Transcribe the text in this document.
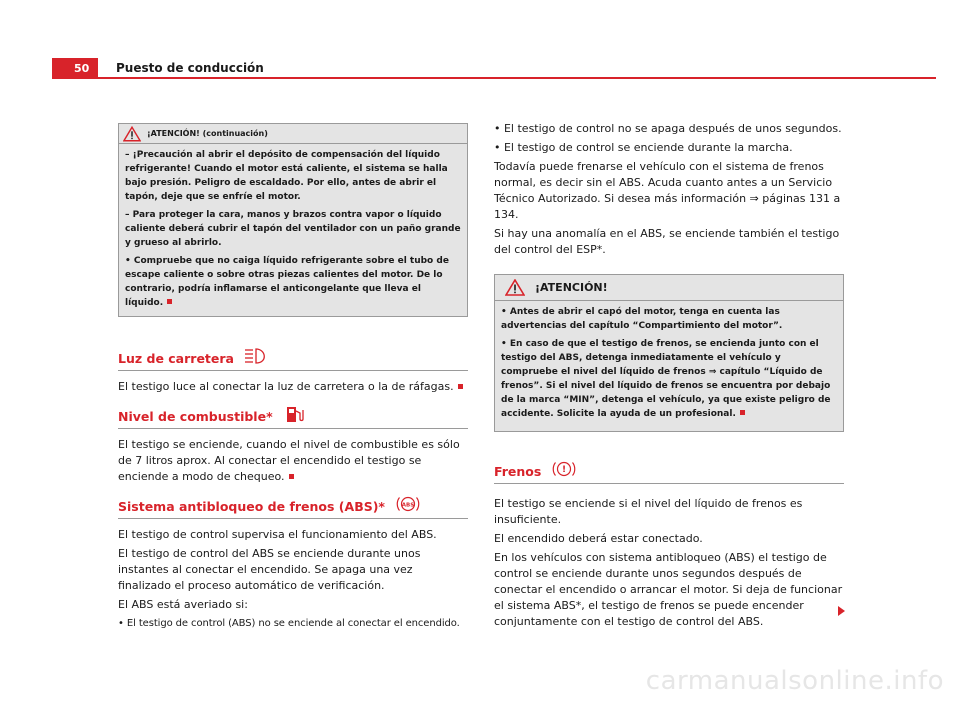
50	Puesto de conducción
¡ATENCIÓN! (continuación)

– ¡Precaución al abrir el depósito de compensación del líquido refrigerante! Cuando el motor está caliente, el sistema se halla bajo presión. Peligro de escaldado. Por ello, antes de abrir el tapón, deje que se enfríe el motor.

– Para proteger la cara, manos y brazos contra vapor o líquido caliente deberá cubrir el tapón del ventilador con un paño grande y grueso al abrirlo.

• Compruebe que no caiga líquido refrigerante sobre el tubo de escape caliente o sobre otras piezas calientes del motor. De lo contrario, podría inflamarse el anticongelante que lleva el líquido.

Luz de carretera

El testigo luce al conectar la luz de carretera o la de ráfagas.

Nivel de combustible*

El testigo se enciende, cuando el nivel de combustible es sólo de 7 litros aprox. Al conectar el encendido el testigo se enciende a modo de chequeo.

Sistema antibloqueo de frenos (ABS)*	ABS

El testigo de control supervisa el funcionamiento del ABS.

El testigo de control del ABS se enciende durante unos instantes al conectar el encendido. Se apaga una vez finalizado el proceso automático de verificación.

El ABS está averiado si:

• El testigo de control (ABS) no se enciende al conectar el encendido.

• El testigo de control no se apaga después de unos segundos.

• El testigo de control se enciende durante la marcha.

Todavía puede frenarse el vehículo con el sistema de frenos normal, es decir sin el ABS. Acuda cuanto antes a un Servicio Técnico Autorizado. Si desea más información ⇒ páginas 131 a 134.

Si hay una anomalía en el ABS, se enciende también el testigo del control del ESP*.

¡ATENCIÓN!

• Antes de abrir el capó del motor, tenga en cuenta las advertencias del capítulo “Compartimiento del motor”.

• En caso de que el testigo de frenos, se encienda junto con el testigo del ABS, detenga inmediatamente el vehículo y compruebe el nivel del líquido de frenos ⇒ capítulo “Líquido de frenos”. Si el nivel del líquido de frenos se encuentra por debajo de la marca “MIN”, detenga el vehículo, ya que existe peligro de accidente. Solicite la ayuda de un profesional.

Frenos !

El testigo se enciende si el nivel del líquido de frenos es insuficiente.

El encendido deberá estar conectado.

En los vehículos con sistema antibloqueo (ABS) el testigo de control se enciende durante unos segundos después de conectar el encendido o arrancar el motor. Si deja de funcionar el sistema ABS*, el testigo de frenos se puede encender conjuntamente con el testigo de control del ABS.

carmanualsonline.info
